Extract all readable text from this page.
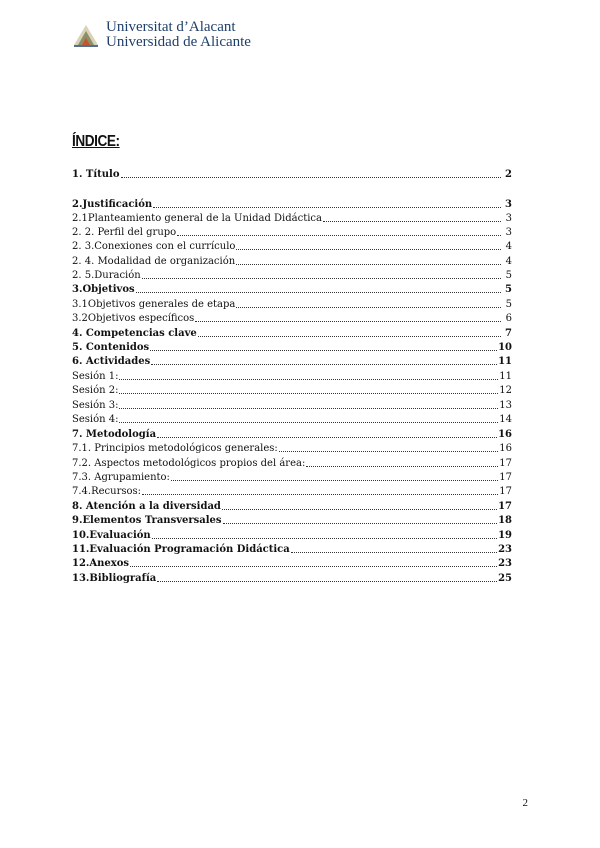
Universitat d’Alacant
Universidad de Alicante
ÍNDICE:
1. Título	2
2.Justificación	3
2.1Planteamiento general de la Unidad Didáctica	3
2. 2. Perfil del grupo	3
2. 3.Conexiones con el currículo	4
2. 4. Modalidad de organización	4
2. 5.Duración	5
3.Objetivos	5
3.1Objetivos generales de etapa	5
3.2Objetivos específicos	6
4. Competencias clave	7
5. Contenidos	10
6. Actividades	11
Sesión 1:	11
Sesión 2:	12
Sesión 3:	13
Sesión 4:	14
7. Metodología	16
7.1. Principios metodológicos generales:	16
7.2. Aspectos metodológicos propios del área:	17
7.3. Agrupamiento:	17
7.4.Recursos:	17
8. Atención a la diversidad	17
9.Elementos Transversales	18
10.Evaluación	19
11.Evaluación Programación Didáctica	23
12.Anexos	23
13.Bibliografía	25
2
